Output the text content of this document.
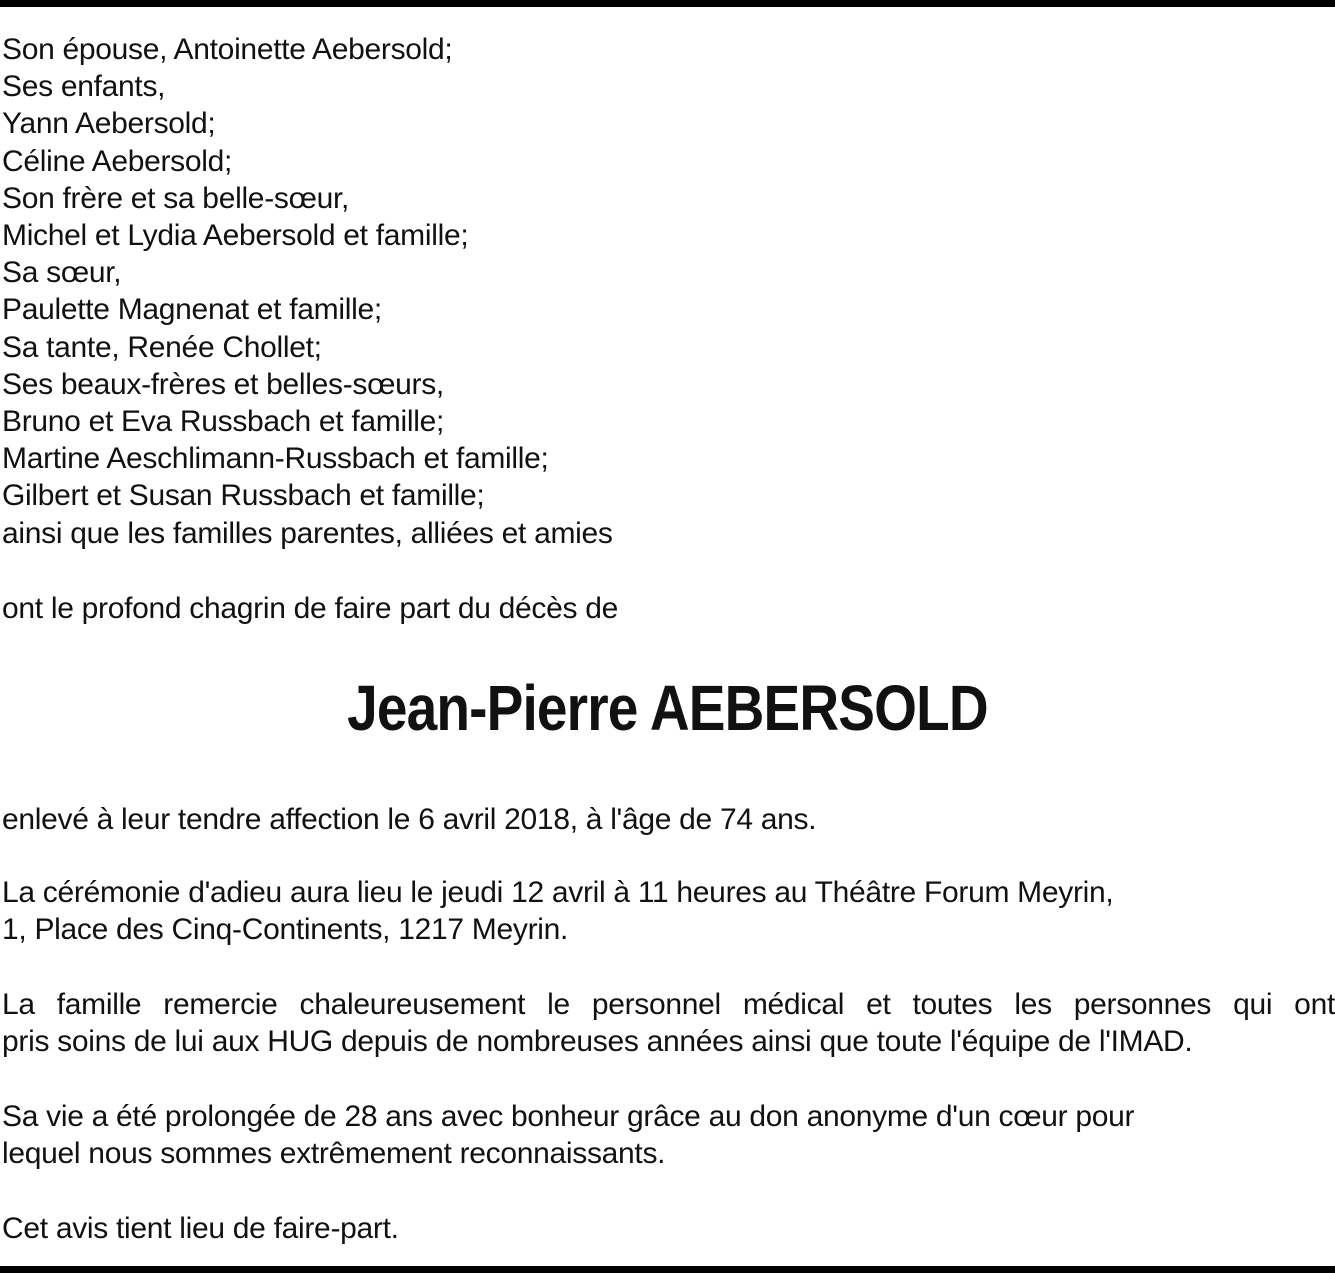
Son épouse, Antoinette Aebersold;
Ses enfants,
Yann Aebersold;
Céline Aebersold;
Son frère et sa belle-sœur,
Michel et Lydia Aebersold et famille;
Sa sœur,
Paulette Magnenat et famille;
Sa tante, Renée Chollet;
Ses beaux-frères et belles-sœurs,
Bruno et Eva Russbach et famille;
Martine Aeschlimann-Russbach et famille;
Gilbert et Susan Russbach et famille;
ainsi que les familles parentes, alliées et amies
ont le profond chagrin de faire part du décès de
Jean-Pierre AEBERSOLD
enlevé à leur tendre affection le 6 avril 2018, à l'âge de 74 ans.
La cérémonie d'adieu aura lieu le jeudi 12 avril à 11 heures au Théâtre Forum Meyrin,
1, Place des Cinq-Continents, 1217 Meyrin.
La famille remercie chaleureusement le personnel médical et toutes les personnes qui ont
pris soins de lui aux HUG depuis de nombreuses années ainsi que toute l'équipe de l'IMAD.
Sa vie a été prolongée de 28 ans avec bonheur grâce au don anonyme d'un cœur pour
lequel nous sommes extrêmement reconnaissants.
Cet avis tient lieu de faire-part.
